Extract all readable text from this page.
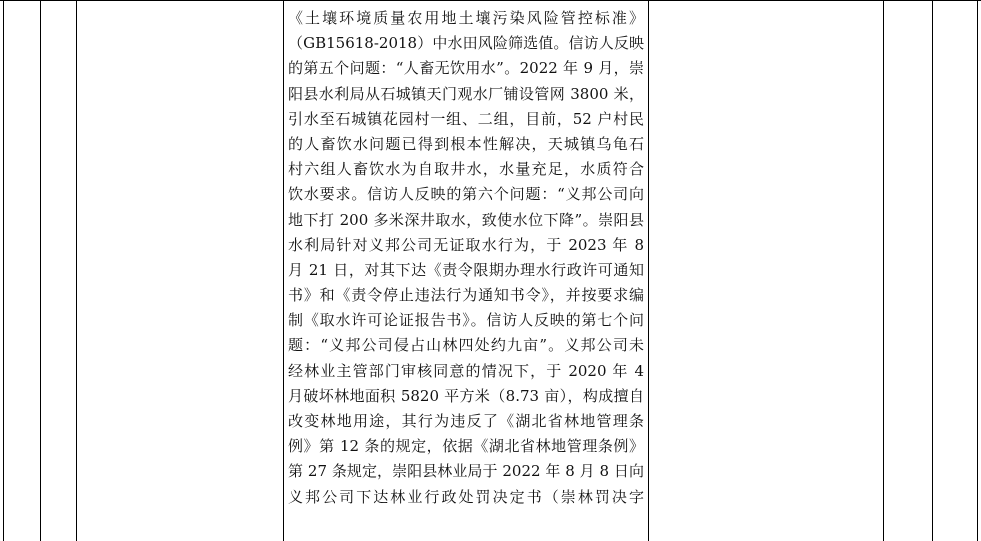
《土壤环境质量农用地土壤污染风险管控标准》
（GB15618-2018）中水田风险筛选值。信访人反映
的第五个问题：“人畜无饮用水”。2022 年 9 月，崇
阳县水利局从石城镇天门观水厂铺设管网 3800 米，
引水至石城镇花园村一组、二组，目前，52 户村民
的人畜饮水问题已得到根本性解决，天城镇乌龟石
村六组人畜饮水为自取井水，水量充足，水质符合
饮水要求。信访人反映的第六个问题：“义邦公司向
地下打 200 多米深井取水，致使水位下降”。崇阳县
水利局针对义邦公司无证取水行为，于 2023 年 8
月 21 日，对其下达《责令限期办理水行政许可通知
书》和《责令停止违法行为通知书令》，并按要求编
制《取水许可论证报告书》。信访人反映的第七个问
题：“义邦公司侵占山林四处约九亩”。义邦公司未
经林业主管部门审核同意的情况下，于 2020 年 4
月破坏林地面积 5820 平方米（8.73 亩），构成擅自
改变林地用途，其行为违反了《湖北省林地管理条
例》第 12 条的规定，依据《湖北省林地管理条例》
第 27 条规定，崇阳县林业局于 2022 年 8 月 8 日向
义邦公司下达林业行政处罚决定书（崇林罚决字
